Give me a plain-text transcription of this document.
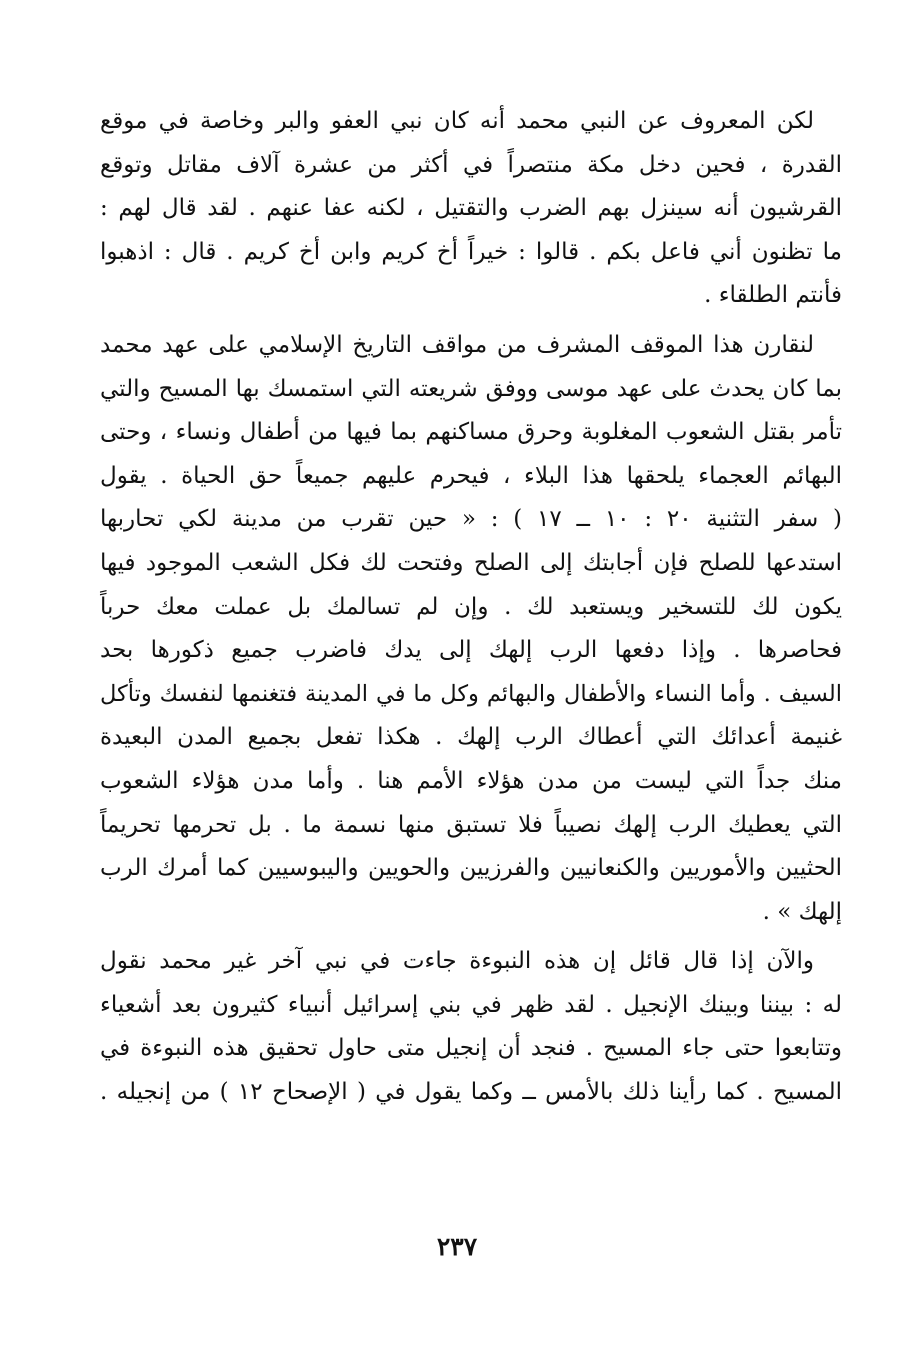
لكن المعروف عن النبي محمد أنه كان نبي العفو والبر وخاصة في موقع
القدرة ، فحين دخل مكة منتصراً في أكثر من عشرة آلاف مقاتل وتوقع
القرشيون أنه سينزل بهم الضرب والتقتيل ، لكنه عفا عنهم . لقد قال لهم :
ما تظنون أني فاعل بكم . قالوا : خيراً أخ كريم وابن أخ كريم . قال : اذهبوا
فأنتم الطلقاء .
لنقارن هذا الموقف المشرف من مواقف التاريخ الإسلامي على عهد محمد
بما كان يحدث على عهد موسى ووفق شريعته التي استمسك بها المسيح والتي
تأمر بقتل الشعوب المغلوبة وحرق مساكنهم بما فيها من أطفال ونساء ، وحتى
البهائم العجماء يلحقها هذا البلاء ، فيحرم عليهم جميعاً حق الحياة . يقول
( سفر التثنية ٢٠ : ١٠ ــ ١٧ ) : « حين تقرب من مدينة لكي تحاربها
استدعها للصلح فإن أجابتك إلى الصلح وفتحت لك فكل الشعب الموجود فيها
يكون لك للتسخير ويستعبد لك . وإن لم تسالمك بل عملت معك حرباً
فحاصرها . وإذا دفعها الرب إلهك إلى يدك فاضرب جميع ذكورها بحد
السيف . وأما النساء والأطفال والبهائم وكل ما في المدينة فتغنمها لنفسك وتأكل
غنيمة أعدائك التي أعطاك الرب إلهك . هكذا تفعل بجميع المدن البعيدة
منك جداً التي ليست من مدن هؤلاء الأمم هنا . وأما مدن هؤلاء الشعوب
التي يعطيك الرب إلهك نصيباً فلا تستبق منها نسمة ما . بل تحرمها تحريماً
الحثيين والأموريين والكنعانيين والفرزيين والحويين واليبوسيين كما أمرك الرب
إلهك » .
والآن إذا قال قائل إن هذه النبوءة جاءت في نبي آخر غير محمد نقول
له : بيننا وبينك الإنجيل . لقد ظهر في بني إسرائيل أنبياء كثيرون بعد أشعياء
وتتابعوا حتى جاء المسيح . فنجد أن إنجيل متى حاول تحقيق هذه النبوءة في
المسيح . كما رأينا ذلك بالأمس ــ وكما يقول في ( الإصحاح ١٢ ) من إنجيله .
٢٣٧
